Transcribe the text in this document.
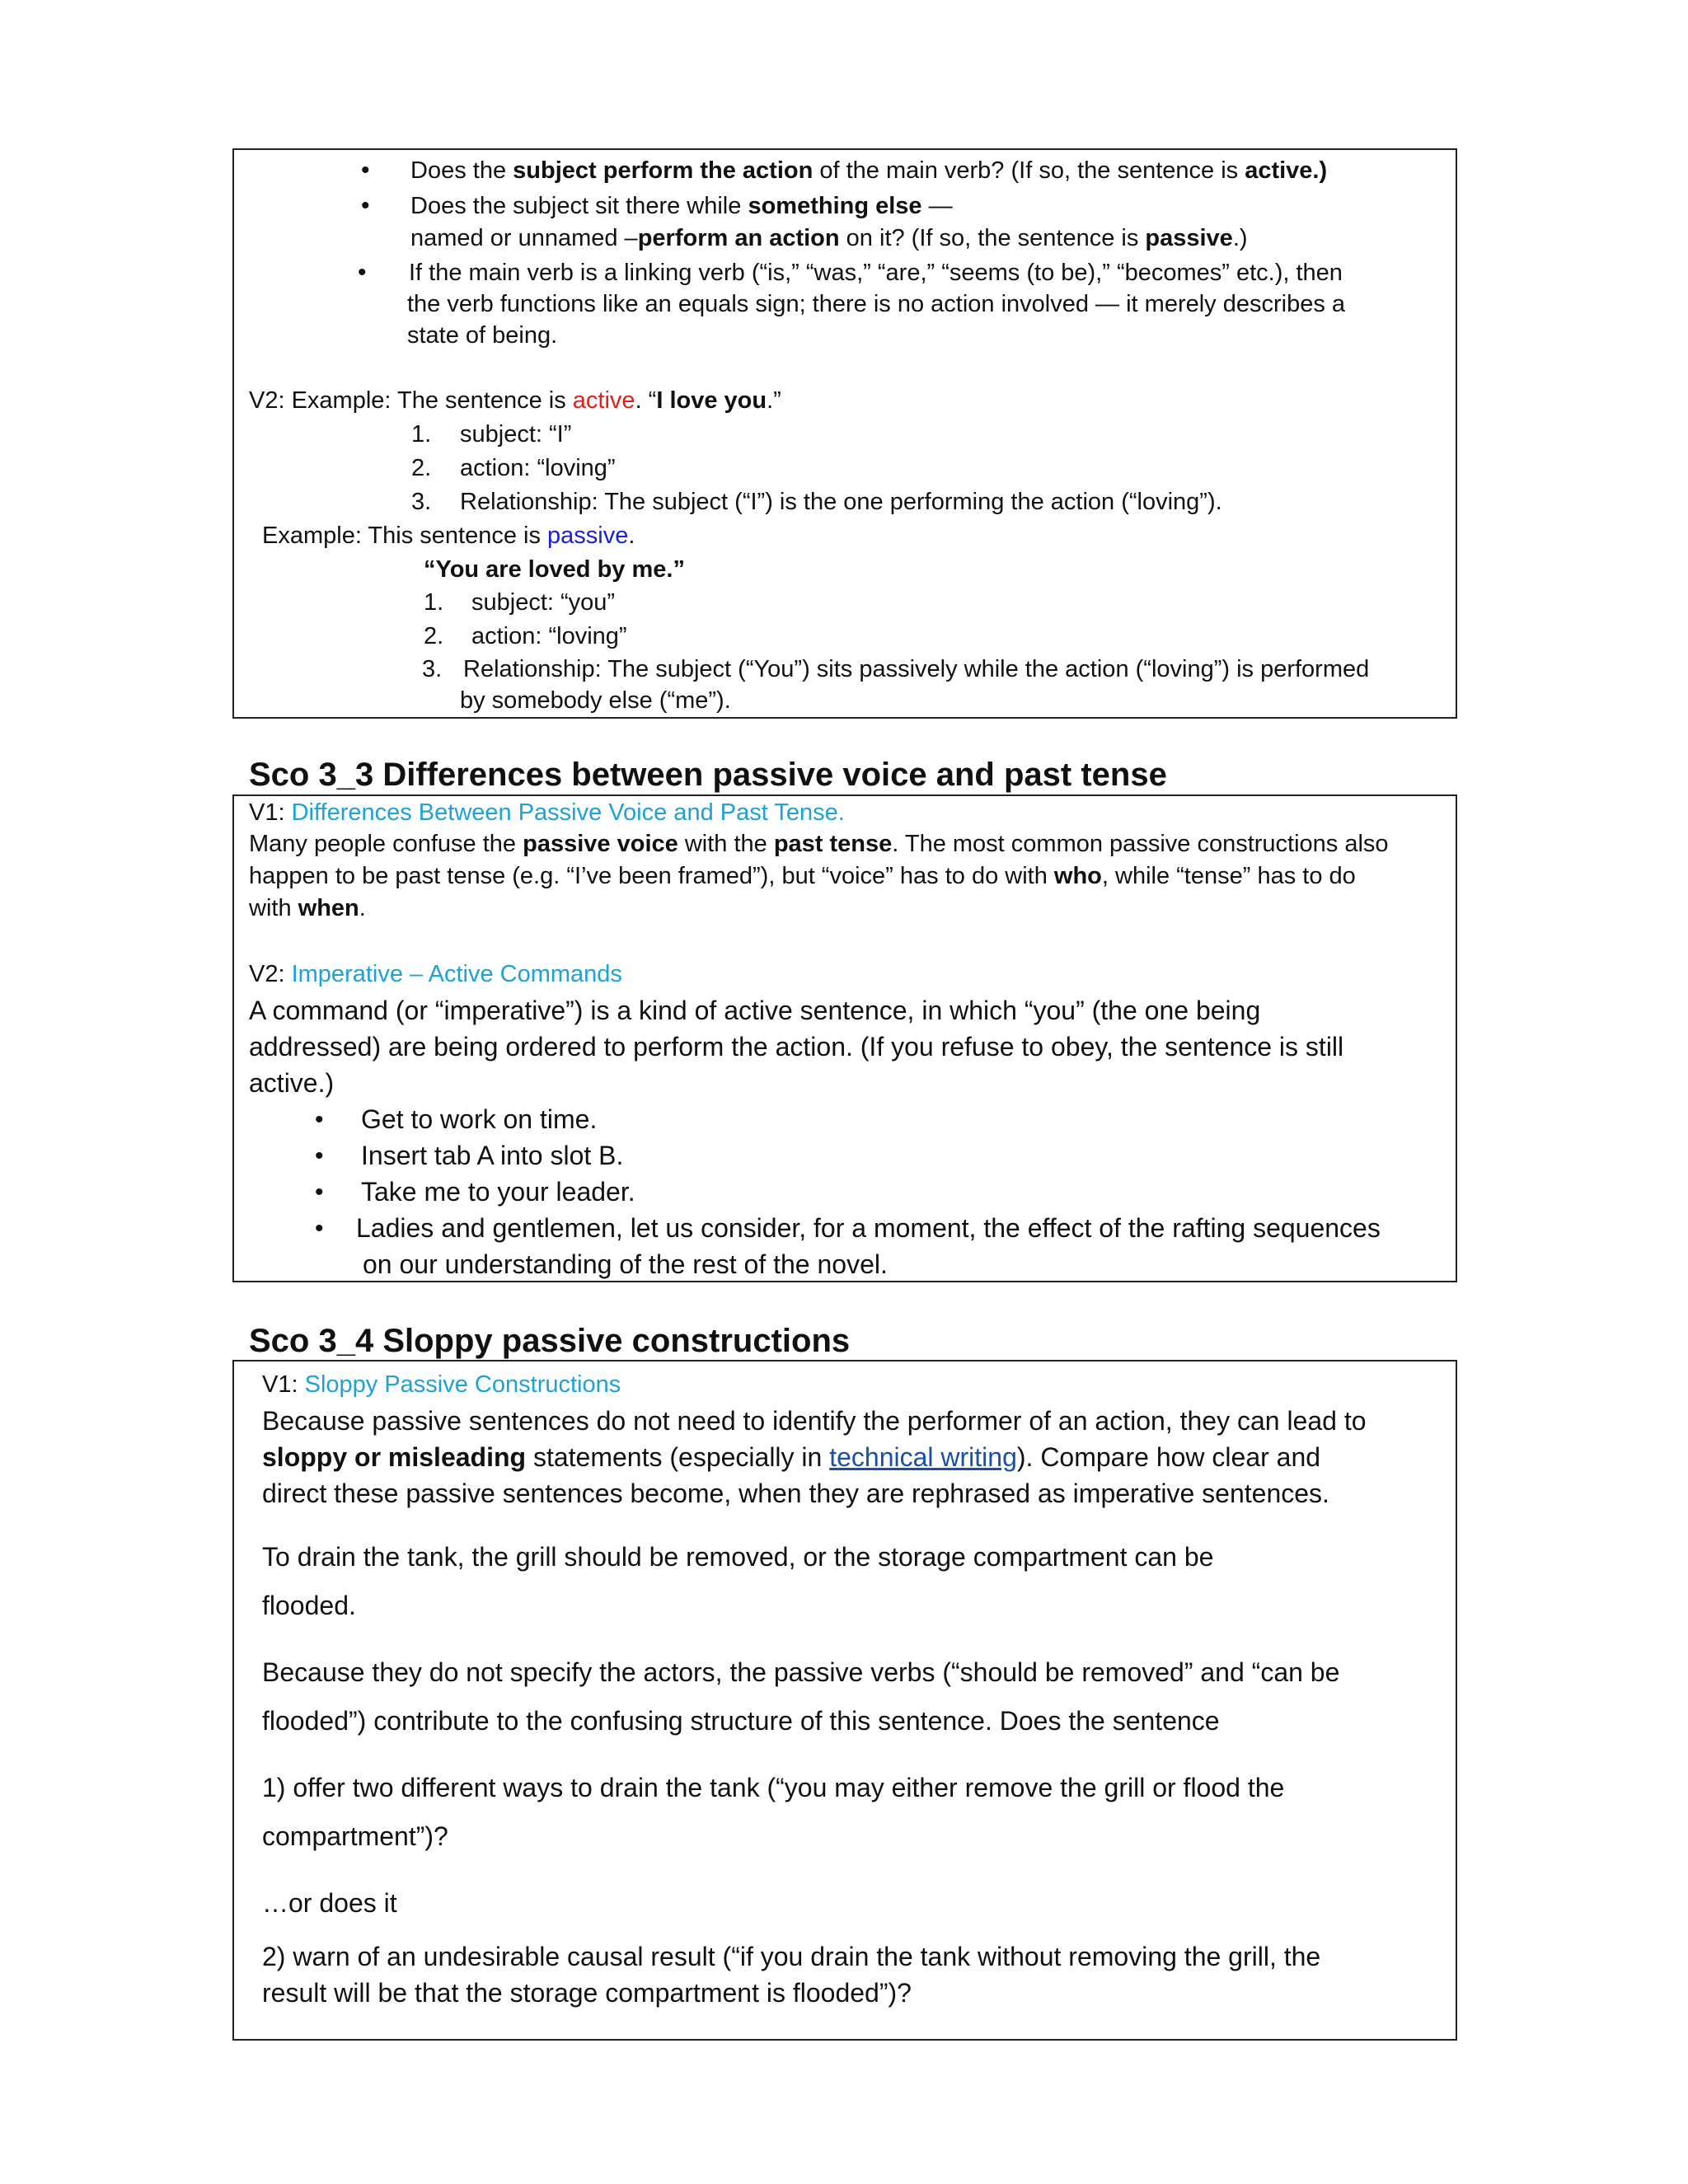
• Does the subject perform the action of the main verb? (If so, the sentence is active.)
• Does the subject sit there while something else —
named or unnamed –perform an action on it? (If so, the sentence is passive.)
• If the main verb is a linking verb (“is,” “was,” “are,” “seems (to be),” “becomes” etc.), then
the verb functions like an equals sign; there is no action involved — it merely describes a
state of being.
V2: Example: The sentence is active. “I love you.”
1. subject: “I”
2. action: “loving”
3. Relationship: The subject (“I”) is the one performing the action (“loving”).
Example: This sentence is passive.
“You are loved by me.”
1. subject: “you”
2. action: “loving”
3. Relationship: The subject (“You”) sits passively while the action (“loving”) is performed
by somebody else (“me”).
Sco 3_3 Differences between passive voice and past tense
V1: Differences Between Passive Voice and Past Tense.
Many people confuse the passive voice with the past tense. The most common passive constructions also
happen to be past tense (e.g. “I’ve been framed”), but “voice” has to do with who, while “tense” has to do
with when.
V2: Imperative – Active Commands
A command (or “imperative”) is a kind of active sentence, in which “you” (the one being
addressed) are being ordered to perform the action. (If you refuse to obey, the sentence is still
active.)
• Get to work on time.
• Insert tab A into slot B.
• Take me to your leader.
• Ladies and gentlemen, let us consider, for a moment, the effect of the rafting sequences
on our understanding of the rest of the novel.
Sco 3_4 Sloppy passive constructions
V1: Sloppy Passive Constructions
Because passive sentences do not need to identify the performer of an action, they can lead to
sloppy or misleading statements (especially in technical writing). Compare how clear and
direct these passive sentences become, when they are rephrased as imperative sentences.
To drain the tank, the grill should be removed, or the storage compartment can be
flooded.
Because they do not specify the actors, the passive verbs (“should be removed” and “can be
flooded”) contribute to the confusing structure of this sentence. Does the sentence
1) offer two different ways to drain the tank (“you may either remove the grill or flood the
compartment”)?
…or does it
2) warn of an undesirable causal result (“if you drain the tank without removing the grill, the
result will be that the storage compartment is flooded”)?
